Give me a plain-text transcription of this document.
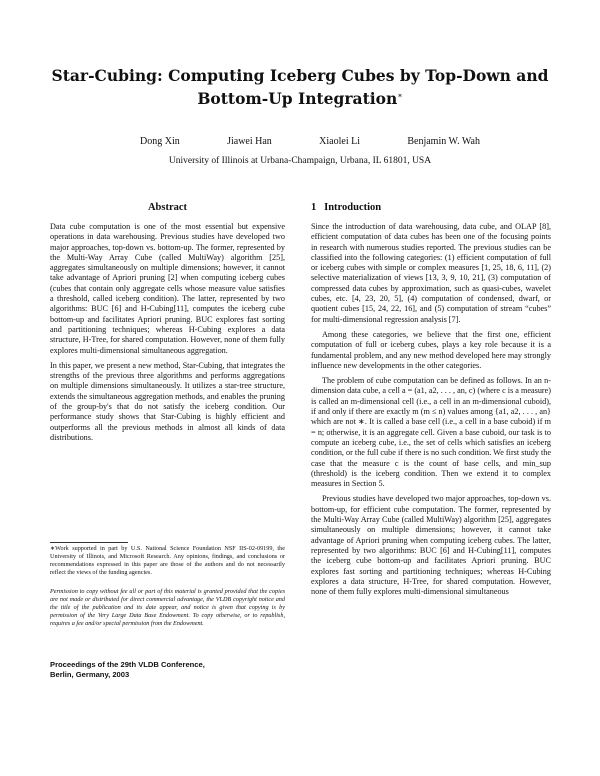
Star-Cubing: Computing Iceberg Cubes by Top-Down and Bottom-Up Integration∗
Dong Xin	Jiawei Han	Xiaolei Li	Benjamin W. Wah

University of Illinois at Urbana-Champaign, Urbana, IL 61801, USA

Abstract

Data cube computation is one of the most essential but expensive operations in data warehousing. Previous studies have developed two major approaches, top-down vs. bottom-up. The former, represented by the Multi-Way Array Cube (called MultiWay) algorithm [25], aggregates simultaneously on multiple dimensions; however, it cannot take advantage of Apriori pruning [2] when computing iceberg cubes (cubes that contain only aggregate cells whose measure value satisfies a threshold, called iceberg condition). The latter, represented by two algorithms: BUC [6] and H-Cubing[11], computes the iceberg cube bottom-up and facilitates Apriori pruning. BUC explores fast sorting and partitioning techniques; whereas H-Cubing explores a data structure, H-Tree, for shared computation. However, none of them fully explores multi-dimensional simultaneous aggregation.

In this paper, we present a new method, Star-Cubing, that integrates the strengths of the previous three algorithms and performs aggregations on multiple dimensions simultaneously. It utilizes a star-tree structure, extends the simultaneous aggregation methods, and enables the pruning of the group-by's that do not satisfy the iceberg condition. Our performance study shows that Star-Cubing is highly efficient and outperforms all the previous methods in almost all kinds of data distributions.

∗Work supported in part by U.S. National Science Foundation NSF IIS-02-09199, the University of Illinois, and Microsoft Research. Any opinions, findings, and conclusions or recommendations expressed in this paper are those of the authors and do not necessarily reflect the views of the funding agencies.

Permission to copy without fee all or part of this material is granted provided that the copies are not made or distributed for direct commercial advantage, the VLDB copyright notice and the title of the publication and its date appear, and notice is given that copying is by permission of the Very Large Data Base Endowment. To copy otherwise, or to republish, requires a fee and/or special permission from the Endowment.

Proceedings of the 29th VLDB Conference,
Berlin, Germany, 2003

1   Introduction

Since the introduction of data warehousing, data cube, and OLAP [8], efficient computation of data cubes has been one of the focusing points in research with numerous studies reported. The previous studies can be classified into the following categories: (1) efficient computation of full or iceberg cubes with simple or complex measures [1, 25, 18, 6, 11], (2) selective materialization of views [13, 3, 9, 10, 21], (3) computation of compressed data cubes by approximation, such as quasi-cubes, wavelet cubes, etc. [4, 23, 20, 5], (4) computation of condensed, dwarf, or quotient cubes [15, 24, 22, 16], and (5) computation of stream “cubes” for multi-dimensional regression analysis [7].

Among these categories, we believe that the first one, efficient computation of full or iceberg cubes, plays a key role because it is a fundamental problem, and any new method developed here may strongly influence new developments in the other categories.

The problem of cube computation can be defined as follows. In an n-dimension data cube, a cell a = (a1, a2, . . . , an, c) (where c is a measure) is called an m-dimensional cell (i.e., a cell in an m-dimensional cuboid), if and only if there are exactly m (m ≤ n) values among {a1, a2, . . . , an} which are not ∗. It is called a base cell (i.e., a cell in a base cuboid) if m = n; otherwise, it is an aggregate cell. Given a base cuboid, our task is to compute an iceberg cube, i.e., the set of cells which satisfies an iceberg condition, or the full cube if there is no such condition. We first study the case that the measure c is the count of base cells, and min_sup (threshold) is the iceberg condition. Then we extend it to complex measures in Section 5.

Previous studies have developed two major approaches, top-down vs. bottom-up, for efficient cube computation. The former, represented by the Multi-Way Array Cube (called MultiWay) algorithm [25], aggregates simultaneously on multiple dimensions; however, it cannot take advantage of Apriori pruning when computing iceberg cubes. The latter, represented by two algorithms: BUC [6] and H-Cubing[11], computes the iceberg cube bottom-up and facilitates Apriori pruning. BUC explores fast sorting and partitioning techniques; whereas H-Cubing explores a data structure, H-Tree, for shared computation. However, none of them fully explores multi-dimensional simultaneous
